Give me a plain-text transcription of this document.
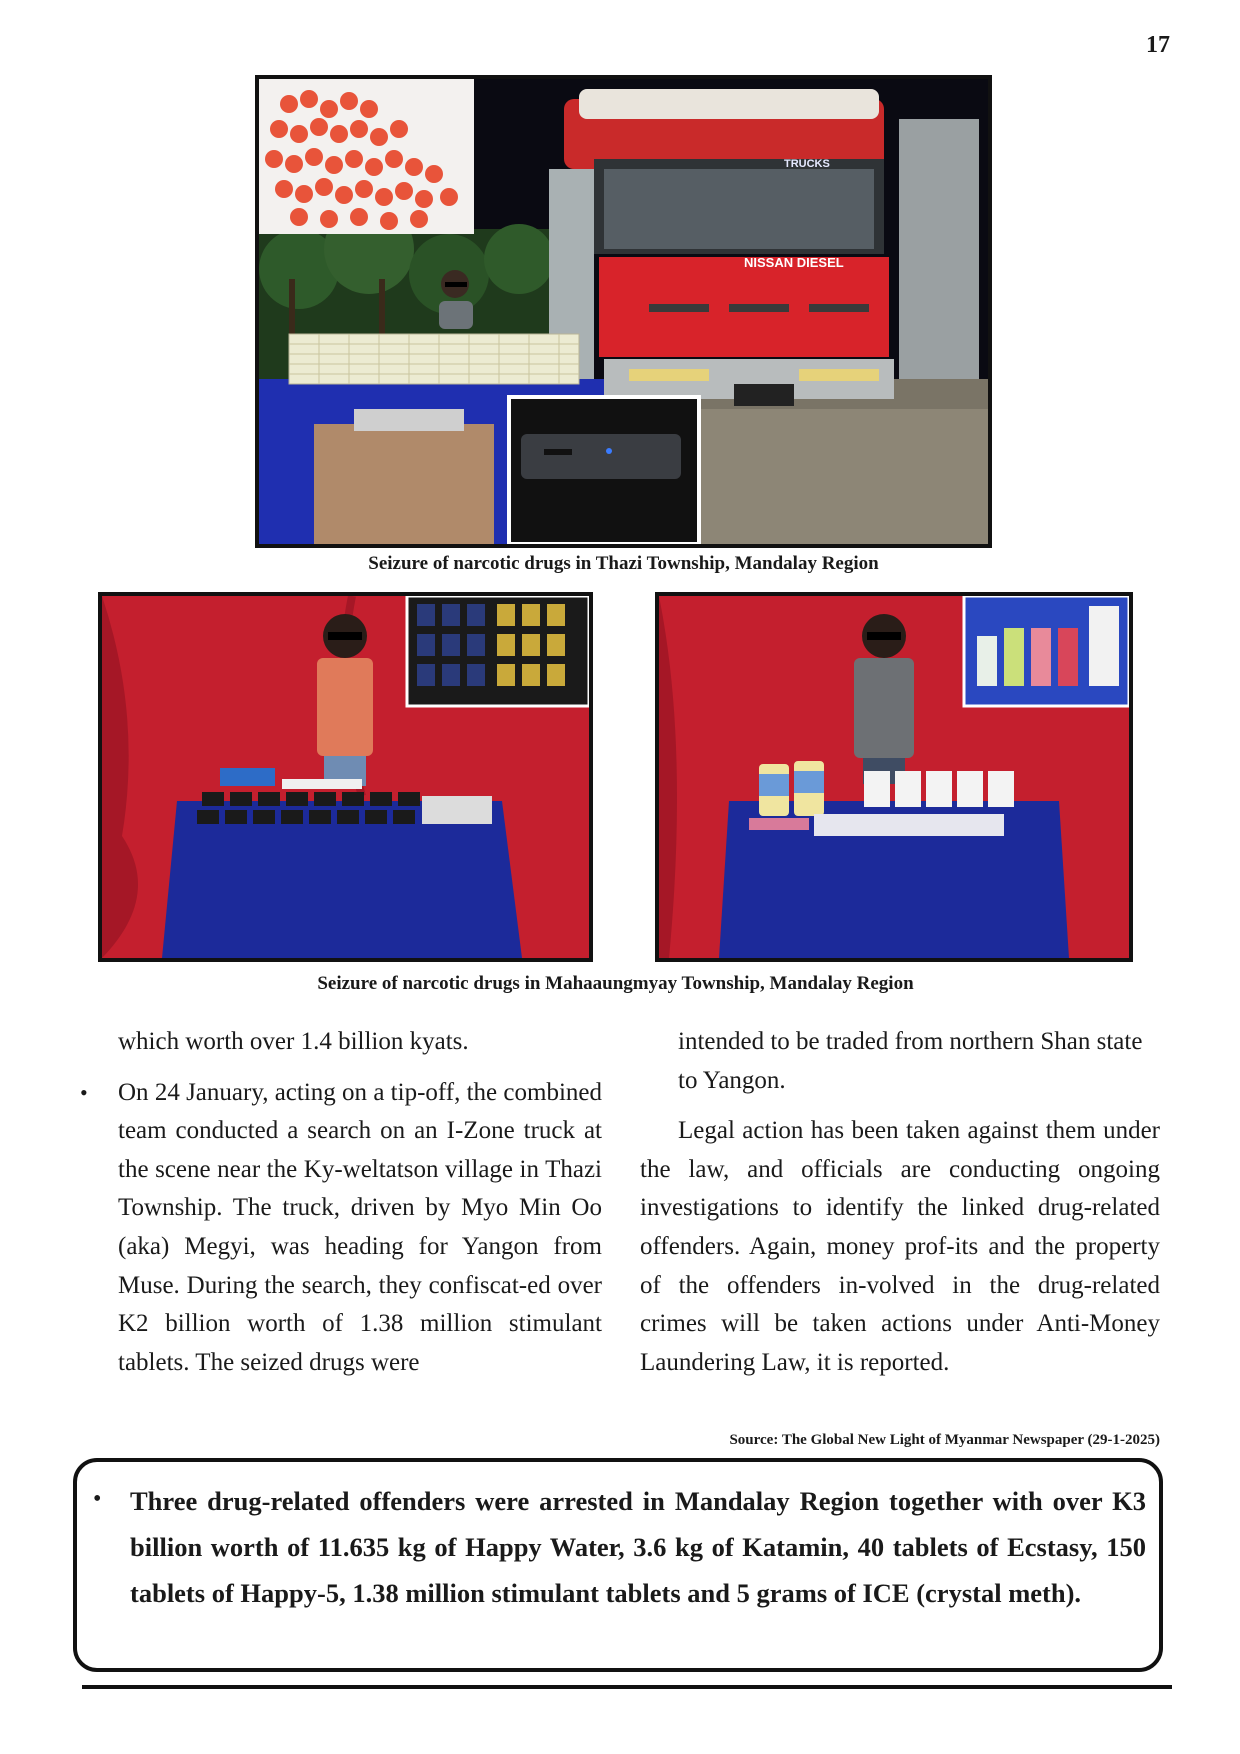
17
NISSAN DIESEL
TRUCKS
Seizure of narcotic drugs in Thazi Township, Mandalay Region
Seizure of narcotic drugs in Mahaaungmyay Township, Mandalay Region

which worth over 1.4 billion kyats.

• On 24 January, acting on a tip-off, the combined team conducted a search on an I-Zone truck at the scene near the Ky-weltatson village in Thazi Township. The truck, driven by Myo Min Oo (aka) Megyi, was heading for Yangon from Muse. During the search, they confiscat-ed over K2 billion worth of 1.38 million stimulant tablets. The seized drugs were

intended to be traded from northern Shan state to Yangon.

Legal action has been taken against them under the law, and officials are conducting ongoing investigations to identify the linked drug-related offenders. Again, money prof-its and the property of the offenders in-volved in the drug-related crimes will be taken actions under Anti-Money Laundering Law, it is reported.

Source: The Global New Light of Myanmar Newspaper (29-1-2025)
• Three drug-related offenders were arrested in Mandalay Region together with over K3 billion worth of 11.635 kg of Happy Water, 3.6 kg of Katamin, 40 tablets of Ecstasy, 150 tablets of Happy-5, 1.38 million stimulant tablets and 5 grams of ICE (crystal meth).
